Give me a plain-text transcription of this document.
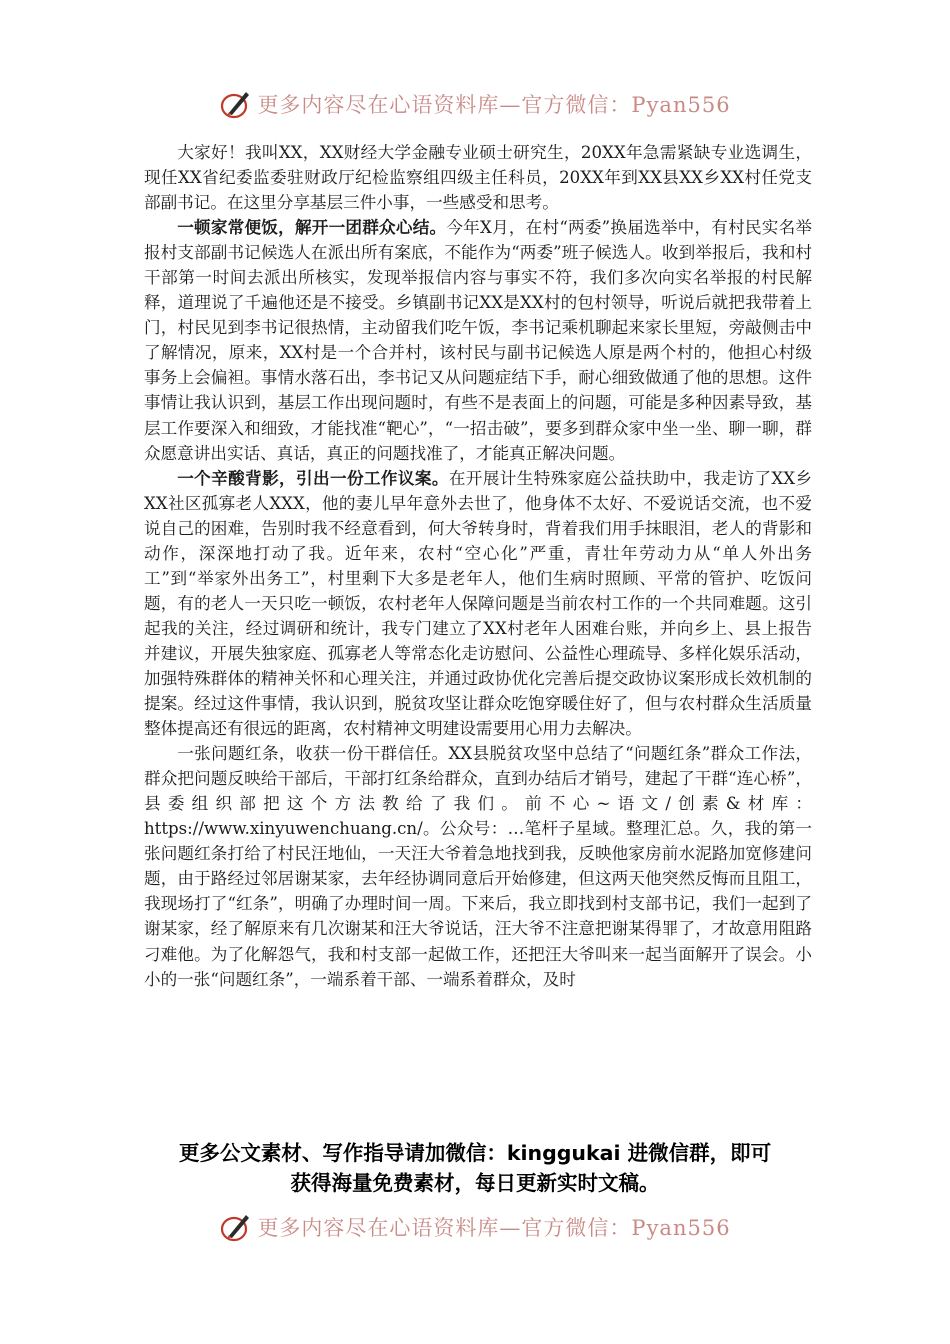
更多内容尽在心语资料库—官方微信：Pyan556

大家好！我叫XX，XX财经大学金融专业硕士研究生，20XX年急需紧缺专业选调生，现任XX省纪委监委驻财政厅纪检监察组四级主任科员，20XX年到XX县XX乡XX村任党支部副书记。在这里分享基层三件小事，一些感受和思考。

一顿家常便饭，解开一团群众心结。今年X月，在村“两委”换届选举中，有村民实名举报村支部副书记候选人在派出所有案底，不能作为“两委”班子候选人。收到举报后，我和村干部第一时间去派出所核实，发现举报信内容与事实不符，我们多次向实名举报的村民解释，道理说了千遍他还是不接受。乡镇副书记XX是XX村的包村领导，听说后就把我带着上门，村民见到李书记很热情，主动留我们吃午饭，李书记乘机聊起来家长里短，旁敲侧击中了解情况，原来，XX村是一个合并村，该村民与副书记候选人原是两个村的，他担心村级事务上会偏袒。事情水落石出，李书记又从问题症结下手，耐心细致做通了他的思想。这件事情让我认识到，基层工作出现问题时，有些不是表面上的问题，可能是多种因素导致，基层工作要深入和细致，才能找准“靶心”，“一招击破”，要多到群众家中坐一坐、聊一聊，群众愿意讲出实话、真话，真正的问题找准了，才能真正解决问题。

一个辛酸背影，引出一份工作议案。在开展计生特殊家庭公益扶助中，我走访了XX乡XX社区孤寡老人XXX，他的妻儿早年意外去世了，他身体不太好、不爱说话交流，也不爱说自己的困难，告别时我不经意看到，何大爷转身时，背着我们用手抹眼泪，老人的背影和动作，深深地打动了我。近年来，农村“空心化”严重，青壮年劳动力从“单人外出务工”到“举家外出务工”，村里剩下大多是老年人，他们生病时照顾、平常的管护、吃饭问题，有的老人一天只吃一顿饭，农村老年人保障问题是当前农村工作的一个共同难题。这引起我的关注，经过调研和统计，我专门建立了XX村老年人困难台账，并向乡上、县上报告并建议，开展失独家庭、孤寡老人等常态化走访慰问、公益性心理疏导、多样化娱乐活动，加强特殊群体的精神关怀和心理关注，并通过政协优化完善后提交政协议案形成长效机制的提案。经过这件事情，我认识到，脱贫攻坚让群众吃饱穿暖住好了，但与农村群众生活质量整体提高还有很远的距离，农村精神文明建设需要用心用力去解决。

一张问题红条，收获一份干群信任。XX县脱贫攻坚中总结了“问题红条”群众工作法，群众把问题反映给干部后，干部打红条给群众，直到办结后才销号，建起了干群“连心桥”，县委组织部把这个方法教给了我们。前不心~语文/创素&材库：https://www.xinyuwenchuang.cn/。公众号：…笔杆子星域。整理汇总。久，我的第一张问题红条打给了村民汪地仙，一天汪大爷着急地找到我，反映他家房前水泥路加宽修建问题，由于路经过邻居谢某家，去年经协调同意后开始修建，但这两天他突然反悔而且阻工，我现场打了“红条”，明确了办理时间一周。下来后，我立即找到村支部书记，我们一起到了谢某家，经了解原来有几次谢某和汪大爷说话，汪大爷不注意把谢某得罪了，才故意用阻路刁难他。为了化解怨气，我和村支部一起做工作，还把汪大爷叫来一起当面解开了误会。小小的一张“问题红条”，一端系着干部、一端系着群众，及时

更多公文素材、写作指导请加微信：kinggukai 进微信群，即可
获得海量免费素材，每日更新实时文稿。
更多内容尽在心语资料库—官方微信：Pyan556
